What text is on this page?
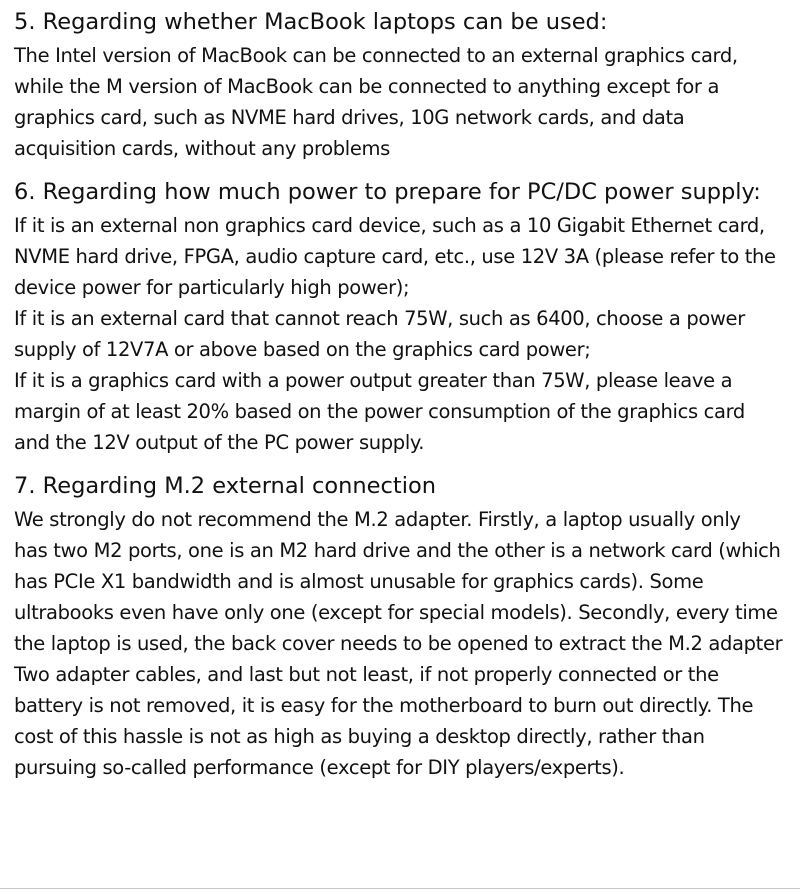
5. Regarding whether MacBook laptops can be used:

The Intel version of MacBook can be connected to an external graphics card,
while the M version of MacBook can be connected to anything except for a
graphics card, such as NVME hard drives, 10G network cards, and data
acquisition cards, without any problems

6. Regarding how much power to prepare for PC/DC power supply:

If it is an external non graphics card device, such as a 10 Gigabit Ethernet card,
NVME hard drive, FPGA, audio capture card, etc., use 12V 3A (please refer to the
device power for particularly high power);

If it is an external card that cannot reach 75W, such as 6400, choose a power
supply of 12V7A or above based on the graphics card power;

If it is a graphics card with a power output greater than 75W, please leave a
margin of at least 20% based on the power consumption of the graphics card
and the 12V output of the PC power supply.

7. Regarding M.2 external connection

We strongly do not recommend the M.2 adapter. Firstly, a laptop usually only
has two M2 ports, one is an M2 hard drive and the other is a network card (which
has PCIe X1 bandwidth and is almost unusable for graphics cards). Some
ultrabooks even have only one (except for special models). Secondly, every time
the laptop is used, the back cover needs to be opened to extract the M.2 adapter
Two adapter cables, and last but not least, if not properly connected or the
battery is not removed, it is easy for the motherboard to burn out directly. The
cost of this hassle is not as high as buying a desktop directly, rather than
pursuing so-called performance (except for DIY players/experts).
